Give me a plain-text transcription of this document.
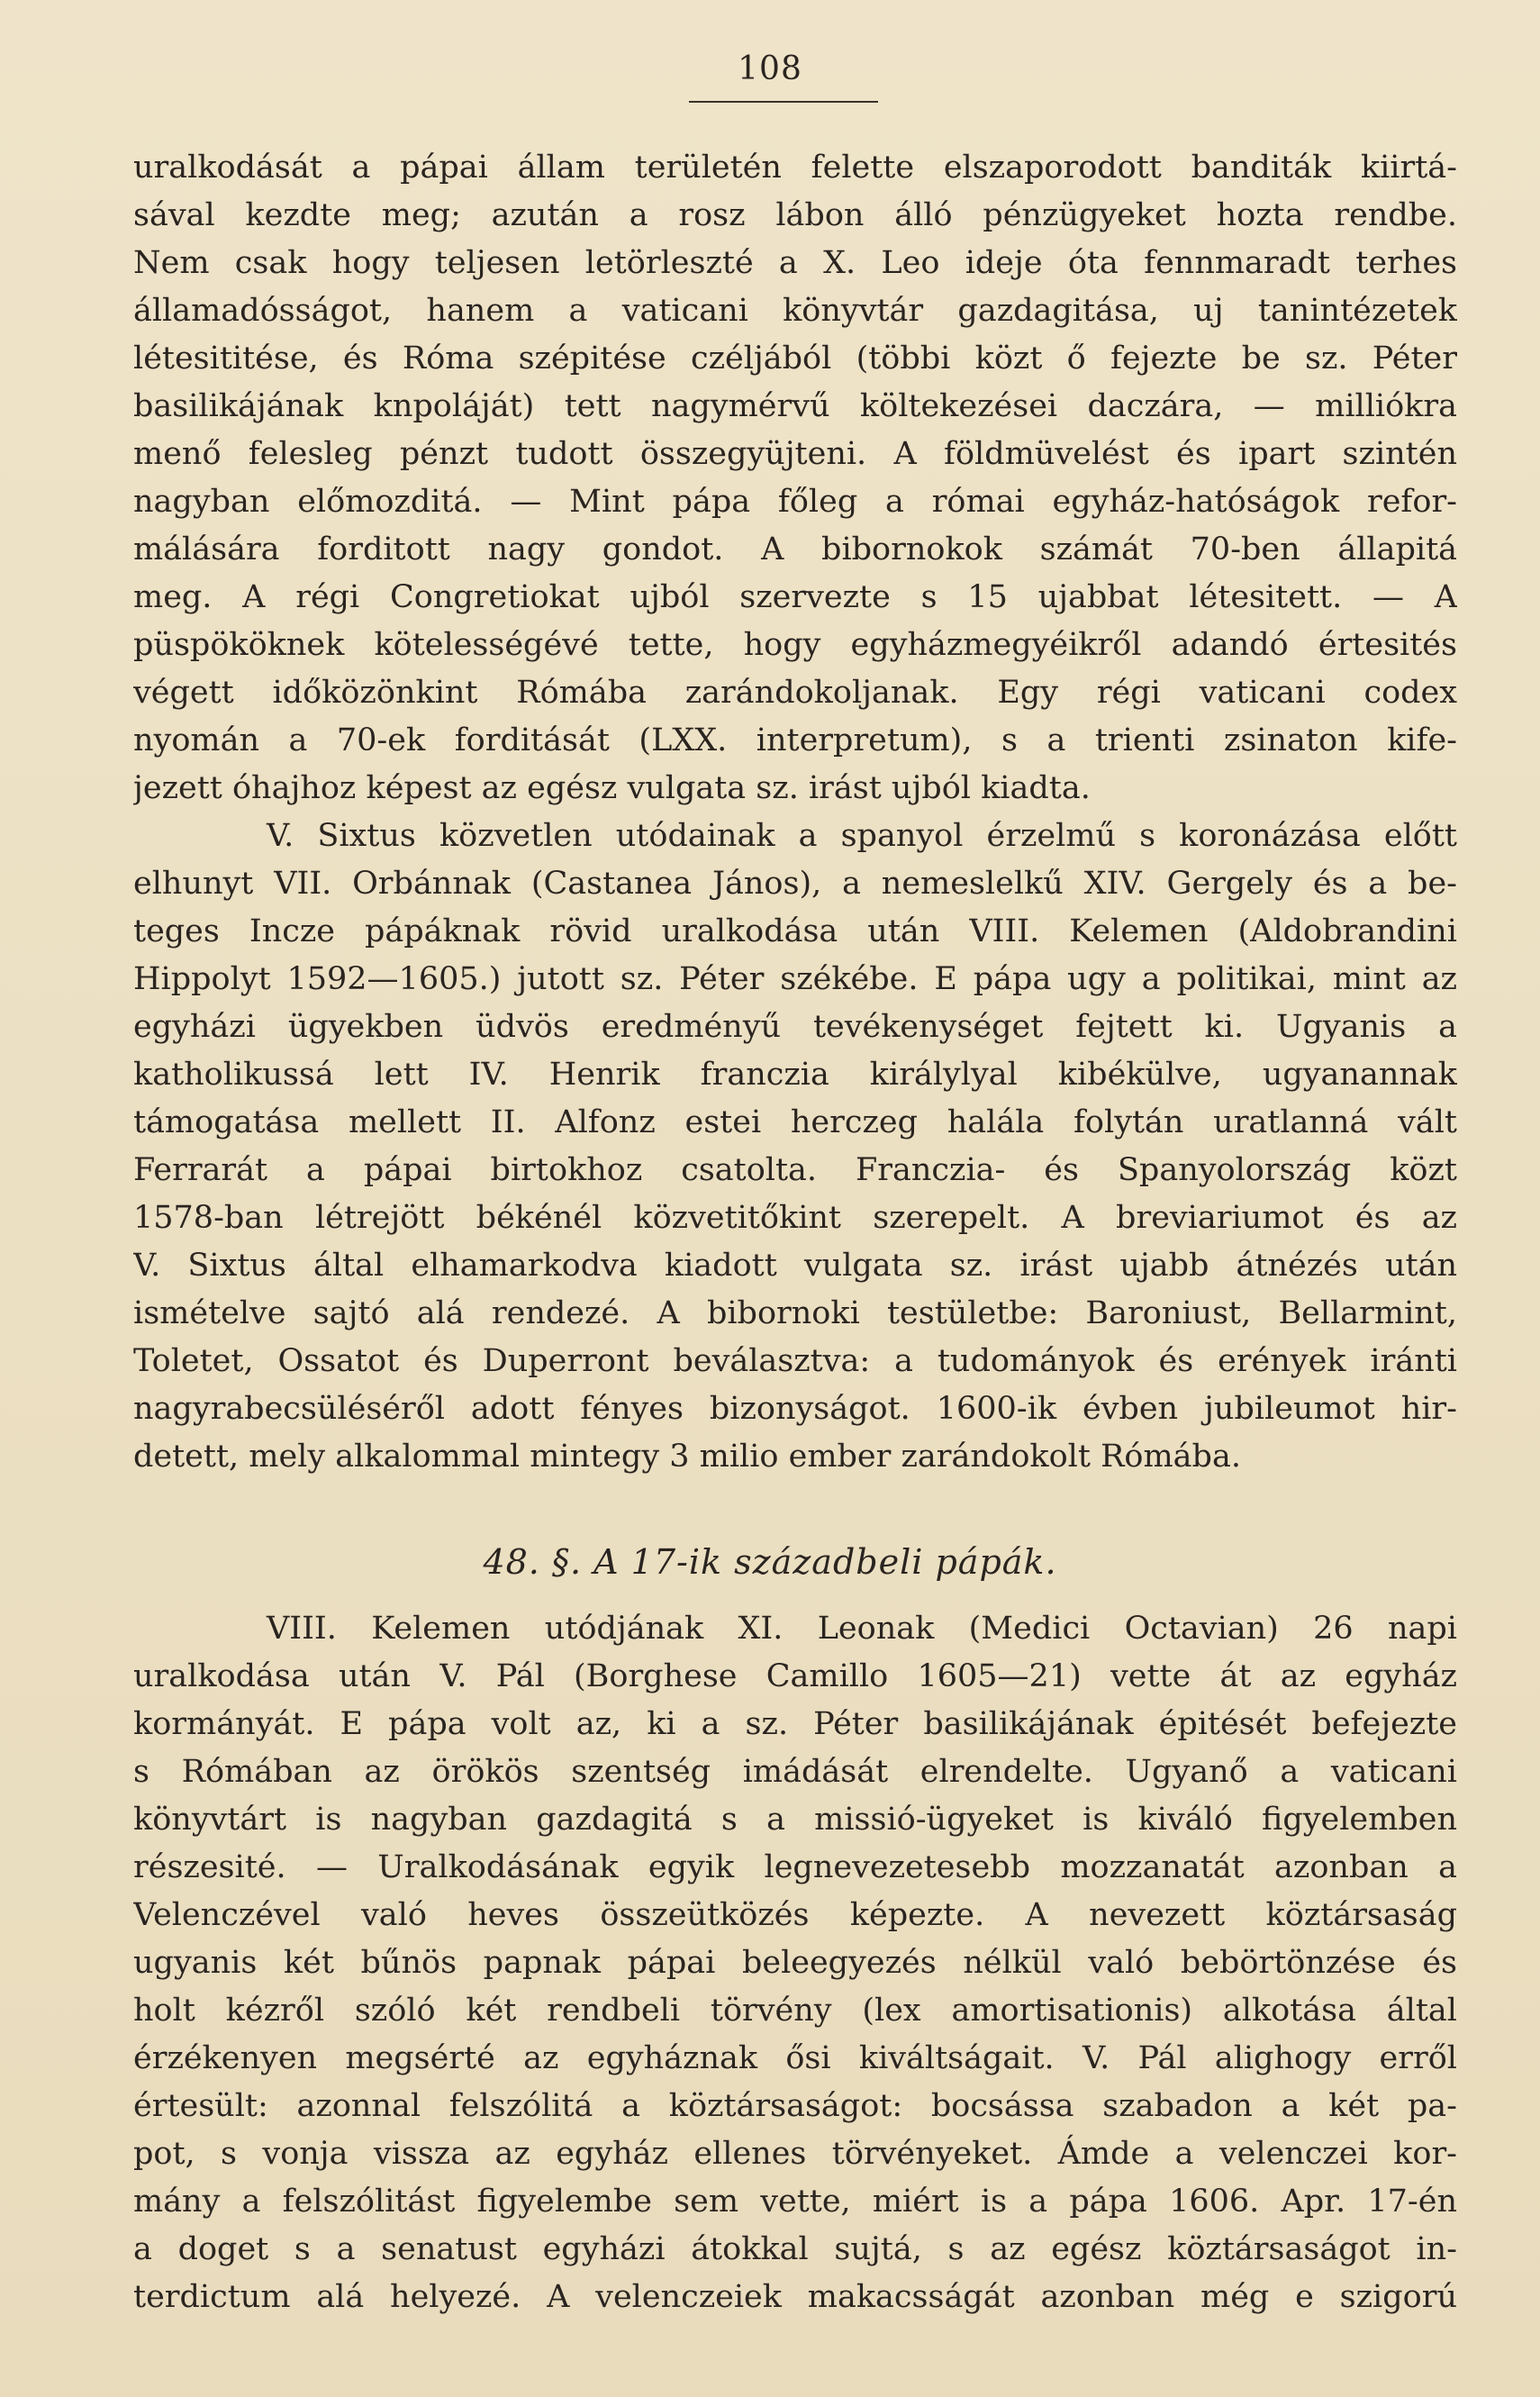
108
uralkodását a pápai állam területén felette elszaporodott banditák kiirtá-
sával kezdte meg; azután a rosz lábon álló pénzügyeket hozta rendbe.
Nem csak hogy teljesen letörleszté a X. Leo ideje óta fennmaradt terhes
államadósságot, hanem a vaticani könyvtár gazdagitása, uj tanintézetek
létesititése, és Róma szépitése czéljából (többi közt ő fejezte be sz. Péter
basilikájának knpoláját) tett nagymérvű költekezései daczára, — milliókra
menő felesleg pénzt tudott összegyüjteni. A földmüvelést és ipart szintén
nagyban előmozditá. — Mint pápa főleg a római egyház-hatóságok refor-
málására forditott nagy gondot. A bibornokok számát 70-ben állapitá
meg. A régi Congretiokat ujból szervezte s 15 ujabbat létesitett. — A
püspököknek kötelességévé tette, hogy egyházmegyéikről adandó értesités
végett időközönkint Rómába zarándokoljanak. Egy régi vaticani codex
nyomán a 70-ek forditását (LXX. interpretum), s a trienti zsinaton kife-
jezett óhajhoz képest az egész vulgata sz. irást ujból kiadta.
V. Sixtus közvetlen utódainak a spanyol érzelmű s koronázása előtt
elhunyt VII. Orbánnak (Castanea János), a nemeslelkű XIV. Gergely és a be-
teges Incze pápáknak rövid uralkodása után VIII. Kelemen (Aldobrandini
Hippolyt 1592—1605.) jutott sz. Péter székébe. E pápa ugy a politikai, mint az
egyházi ügyekben üdvös eredményű tevékenységet fejtett ki. Ugyanis a
katholikussá lett IV. Henrik franczia királylyal kibékülve, ugyanannak
támogatása mellett II. Alfonz estei herczeg halála folytán uratlanná vált
Ferrarát a pápai birtokhoz csatolta. Franczia- és Spanyolország közt
1578-ban létrejött békénél közvetitőkint szerepelt. A breviariumot és az
V. Sixtus által elhamarkodva kiadott vulgata sz. irást ujabb átnézés után
ismételve sajtó alá rendezé. A bibornoki testületbe: Baroniust, Bellarmint,
Toletet, Ossatot és Duperront beválasztva: a tudományok és erények iránti
nagyrabecsüléséről adott fényes bizonyságot. 1600-ik évben jubileumot hir-
detett, mely alkalommal mintegy 3 milio ember zarándokolt Rómába.
48. §. A 17-ik századbeli pápák.
VIII. Kelemen utódjának XI. Leonak (Medici Octavian) 26 napi
uralkodása után V. Pál (Borghese Camillo 1605—21) vette át az egyház
kormányát. E pápa volt az, ki a sz. Péter basilikájának épitését befejezte
s Rómában az örökös szentség imádását elrendelte. Ugyanő a vaticani
könyvtárt is nagyban gazdagitá s a missió-ügyeket is kiváló figyelemben
részesité. — Uralkodásának egyik legnevezetesebb mozzanatát azonban a
Velenczével való heves összeütközés képezte. A nevezett köztársaság
ugyanis két bűnös papnak pápai beleegyezés nélkül való bebörtönzése és
holt kézről szóló két rendbeli törvény (lex amortisationis) alkotása által
érzékenyen megsérté az egyháznak ősi kiváltságait. V. Pál alighogy erről
értesült: azonnal felszólitá a köztársaságot: bocsássa szabadon a két pa-
pot, s vonja vissza az egyház ellenes törvényeket. Ámde a velenczei kor-
mány a felszólitást figyelembe sem vette, miért is a pápa 1606. Apr. 17-én
a doget s a senatust egyházi átokkal sujtá, s az egész köztársaságot in-
terdictum alá helyezé. A velenczeiek makacsságát azonban még e szigorú
